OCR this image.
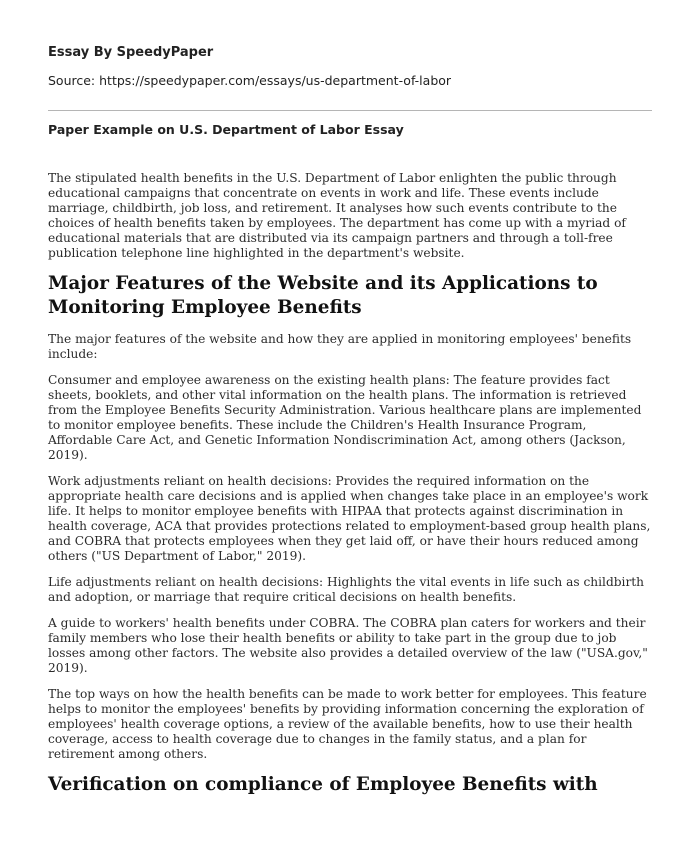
Essay By SpeedyPaper
Source: https://speedypaper.com/essays/us-department-of-labor
Paper Example on U.S. Department of Labor Essay

The stipulated health benefits in the U.S. Department of Labor enlighten the public through educational campaigns that concentrate on events in work and life. These events include marriage, childbirth, job loss, and retirement. It analyses how such events contribute to the choices of health benefits taken by employees. The department has come up with a myriad of educational materials that are distributed via its campaign partners and through a toll-free publication telephone line highlighted in the department's website.

Major Features of the Website and its Applications to Monitoring Employee Benefits

The major features of the website and how they are applied in monitoring employees' benefits include:

Consumer and employee awareness on the existing health plans: The feature provides fact sheets, booklets, and other vital information on the health plans. The information is retrieved from the Employee Benefits Security Administration. Various healthcare plans are implemented to monitor employee benefits. These include the Children's Health Insurance Program, Affordable Care Act, and Genetic Information Nondiscrimination Act, among others (Jackson, 2019).

Work adjustments reliant on health decisions: Provides the required information on the appropriate health care decisions and is applied when changes take place in an employee's work life. It helps to monitor employee benefits with HIPAA that protects against discrimination in health coverage, ACA that provides protections related to employment-based group health plans, and COBRA that protects employees when they get laid off, or have their hours reduced among others ("US Department of Labor," 2019).

Life adjustments reliant on health decisions: Highlights the vital events in life such as childbirth and adoption, or marriage that require critical decisions on health benefits.

A guide to workers' health benefits under COBRA. The COBRA plan caters for workers and their family members who lose their health benefits or ability to take part in the group due to job losses among other factors. The website also provides a detailed overview of the law ("USA.gov," 2019).

The top ways on how the health benefits can be made to work better for employees. This feature helps to monitor the employees' benefits by providing information concerning the exploration of employees' health coverage options, a review of the available benefits, how to use their health coverage, access to health coverage due to changes in the family status, and a plan for retirement among others.

Verification on compliance of Employee Benefits with
